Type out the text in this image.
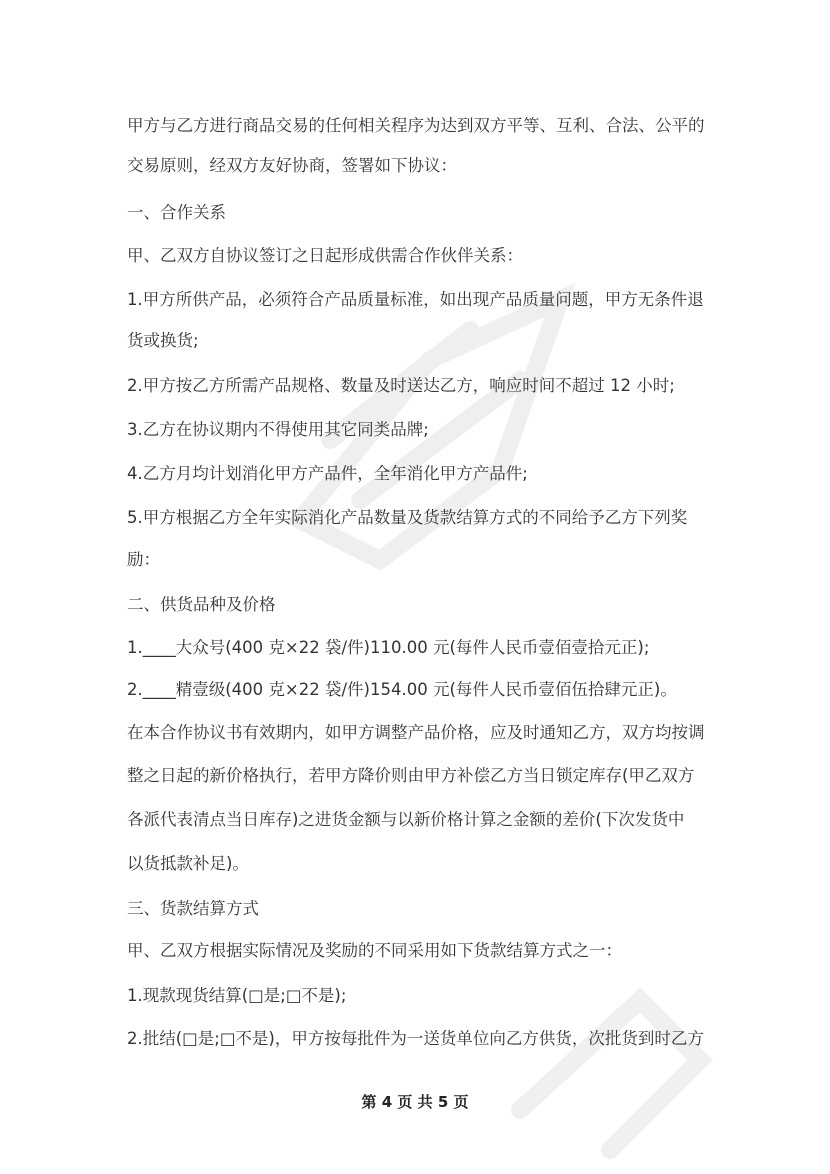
甲方与乙方进行商品交易的任何相关程序为达到双方平等、互利、合法、公平的

交易原则，经双方友好协商，签署如下协议：

一、合作关系

甲、乙双方自协议签订之日起形成供需合作伙伴关系：

1.甲方所供产品，必须符合产品质量标准，如出现产品质量问题，甲方无条件退

货或换货;

2.甲方按乙方所需产品规格、数量及时送达乙方，响应时间不超过 12 小时;

3.乙方在协议期内不得使用其它同类品牌;

4.乙方月均计划消化甲方产品件，全年消化甲方产品件;

5.甲方根据乙方全年实际消化产品数量及货款结算方式的不同给予乙方下列奖

励：

二、供货品种及价格

1.____大众号(400 克×22 袋/件)110.00 元(每件人民币壹佰壹拾元正);

2.____精壹级(400 克×22 袋/件)154.00 元(每件人民币壹佰伍拾肆元正)。

在本合作协议书有效期内，如甲方调整产品价格，应及时通知乙方，双方均按调

整之日起的新价格执行，若甲方降价则由甲方补偿乙方当日锁定库存(甲乙双方

各派代表清点当日库存)之进货金额与以新价格计算之金额的差价(下次发货中

以货抵款补足)。

三、货款结算方式

甲、乙双方根据实际情况及奖励的不同采用如下货款结算方式之一：

1.现款现货结算(□是;□不是);

2.批结(□是;□不是)，甲方按每批件为一送货单位向乙方供货，次批货到时乙方

第 4 页 共 5 页
